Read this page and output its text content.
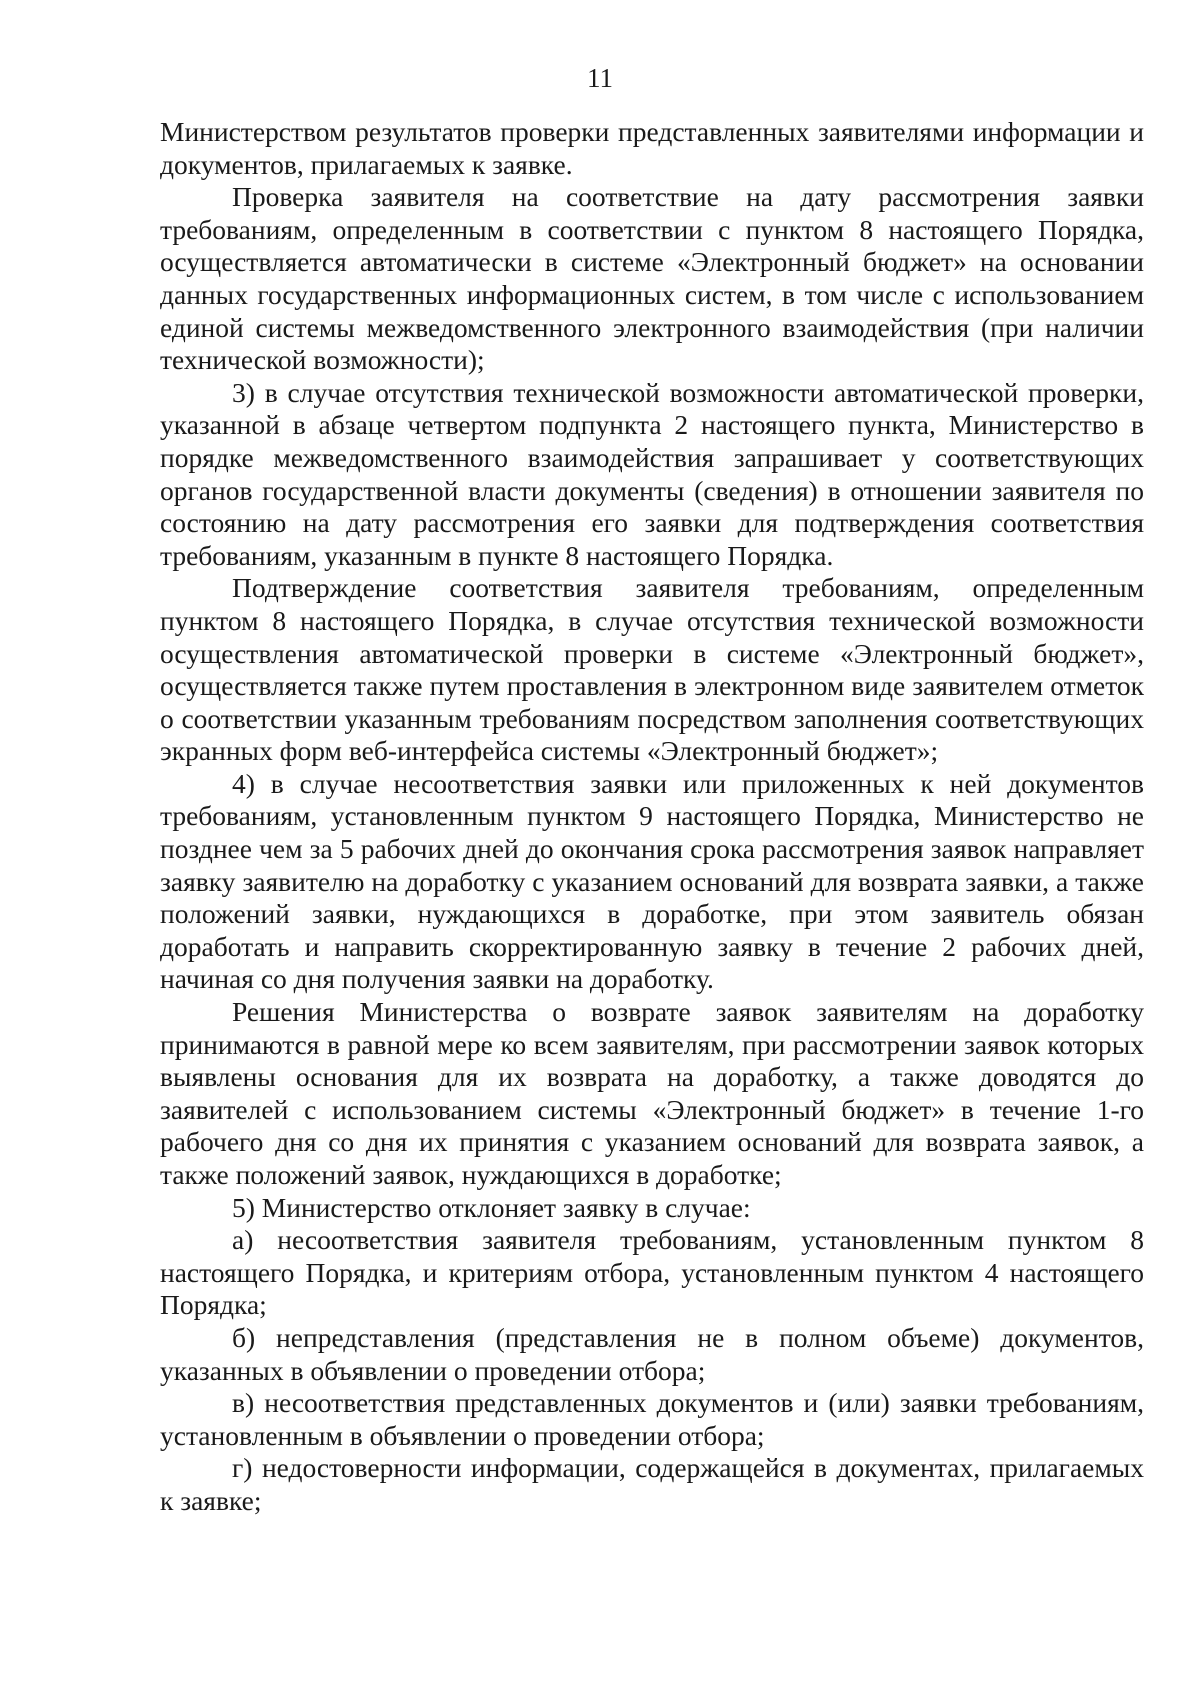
11

Министерством результатов проверки представленных заявителями информации и документов, прилагаемых к заявке.

Проверка заявителя на соответствие на дату рассмотрения заявки требованиям, определенным в соответствии с пунктом 8 настоящего Порядка, осуществляется автоматически в системе «Электронный бюджет» на основании данных государственных информационных систем, в том числе с использованием единой системы межведомственного электронного взаимодействия (при наличии технической возможности);

3) в случае отсутствия технической возможности автоматической проверки, указанной в абзаце четвертом подпункта 2 настоящего пункта, Министерство в порядке межведомственного взаимодействия запрашивает у соответствующих органов государственной власти документы (сведения) в отношении заявителя по состоянию на дату рассмотрения его заявки для подтверждения соответствия требованиям, указанным в пункте 8 настоящего Порядка.

Подтверждение соответствия заявителя требованиям, определенным пунктом 8 настоящего Порядка, в случае отсутствия технической возможности осуществления автоматической проверки в системе «Электронный бюджет», осуществляется также путем проставления в электронном виде заявителем отметок о соответствии указанным требованиям посредством заполнения соответствующих экранных форм веб-интерфейса системы «Электронный бюджет»;

4) в случае несоответствия заявки или приложенных к ней документов требованиям, установленным пунктом 9 настоящего Порядка, Министерство не позднее чем за 5 рабочих дней до окончания срока рассмотрения заявок направляет заявку заявителю на доработку с указанием оснований для возврата заявки, а также положений заявки, нуждающихся в доработке, при этом заявитель обязан доработать и направить скорректированную заявку в течение 2 рабочих дней, начиная со дня получения заявки на доработку.

Решения Министерства о возврате заявок заявителям на доработку принимаются в равной мере ко всем заявителям, при рассмотрении заявок которых выявлены основания для их возврата на доработку, а также доводятся до заявителей с использованием системы «Электронный бюджет» в течение 1-го рабочего дня со дня их принятия с указанием оснований для возврата заявок, а также положений заявок, нуждающихся в доработке;

5) Министерство отклоняет заявку в случае:

а) несоответствия заявителя требованиям, установленным пунктом 8 настоящего Порядка, и критериям отбора, установленным пунктом 4 настоящего Порядка;

б) непредставления (представления не в полном объеме) документов, указанных в объявлении о проведении отбора;

в) несоответствия представленных документов и (или) заявки требованиям, установленным в объявлении о проведении отбора;

г) недостоверности информации, содержащейся в документах, прилагаемых к заявке;
